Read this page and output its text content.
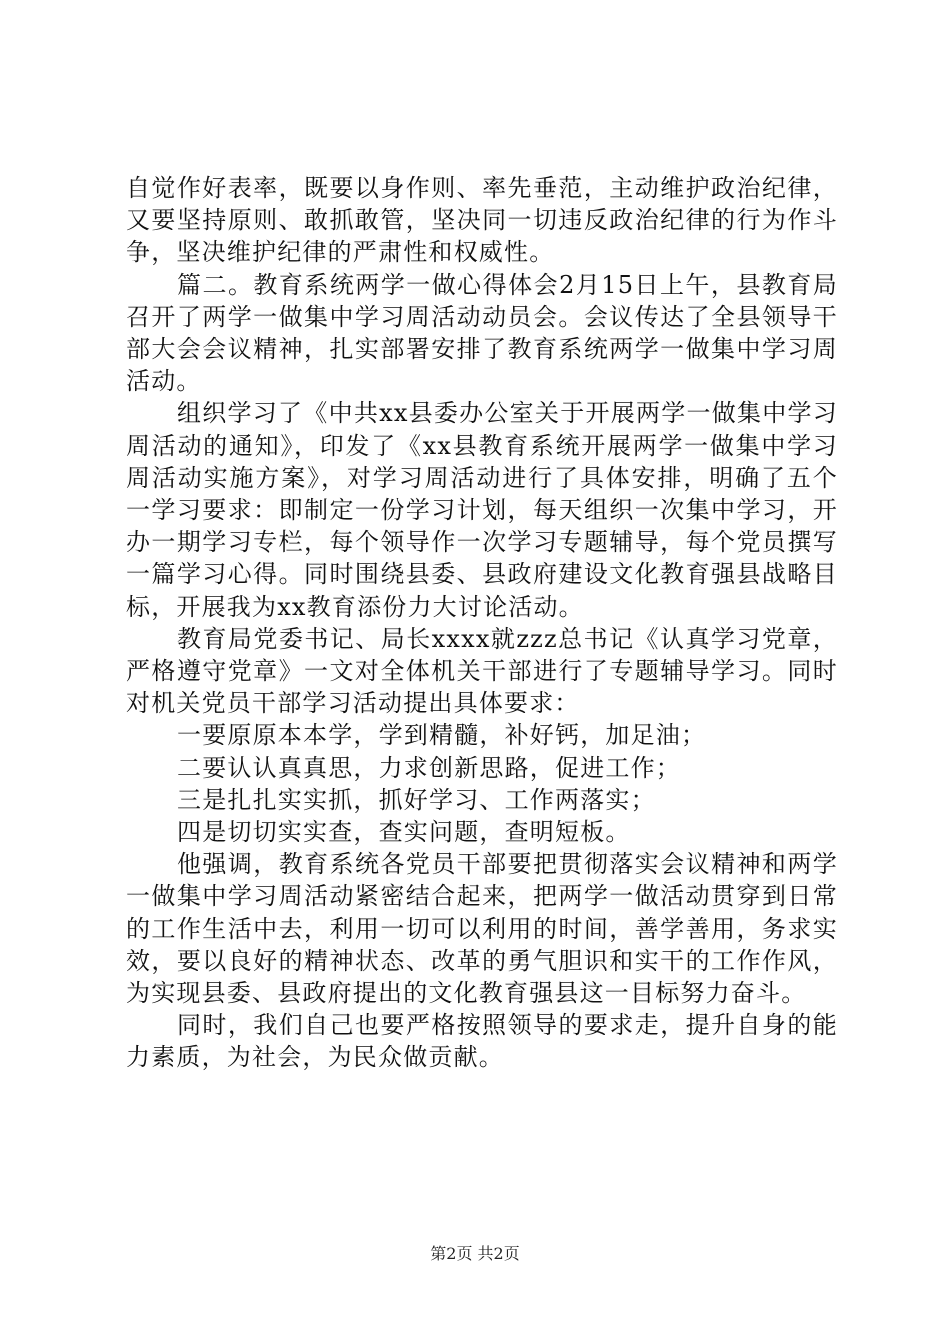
自觉作好表率，既要以身作则、率先垂范，主动维护政治纪律，又要坚持原则、敢抓敢管，坚决同一切违反政治纪律的行为作斗争，坚决维护纪律的严肃性和权威性。

篇二。教育系统两学一做心得体会2月15日上午，县教育局召开了两学一做集中学习周活动动员会。会议传达了全县领导干部大会会议精神，扎实部署安排了教育系统两学一做集中学习周活动。

组织学习了《中共xx县委办公室关于开展两学一做集中学习周活动的通知》，印发了《xx县教育系统开展两学一做集中学习周活动实施方案》，对学习周活动进行了具体安排，明确了五个一学习要求：即制定一份学习计划，每天组织一次集中学习，开办一期学习专栏，每个领导作一次学习专题辅导，每个党员撰写一篇学习心得。同时围绕县委、县政府建设文化教育强县战略目标，开展我为xx教育添份力大讨论活动。

教育局党委书记、局长xxxx就zzz总书记《认真学习党章，严格遵守党章》一文对全体机关干部进行了专题辅导学习。同时对机关党员干部学习活动提出具体要求：

一要原原本本学，学到精髓，补好钙，加足油；

二要认认真真思，力求创新思路，促进工作；

三是扎扎实实抓，抓好学习、工作两落实；

四是切切实实查，查实问题，查明短板。

他强调，教育系统各党员干部要把贯彻落实会议精神和两学一做集中学习周活动紧密结合起来，把两学一做活动贯穿到日常的工作生活中去，利用一切可以利用的时间，善学善用，务求实效，要以良好的精神状态、改革的勇气胆识和实干的工作作风，为实现县委、县政府提出的文化教育强县这一目标努力奋斗。

同时，我们自己也要严格按照领导的要求走，提升自身的能力素质，为社会，为民众做贡献。

第2页 共2页
